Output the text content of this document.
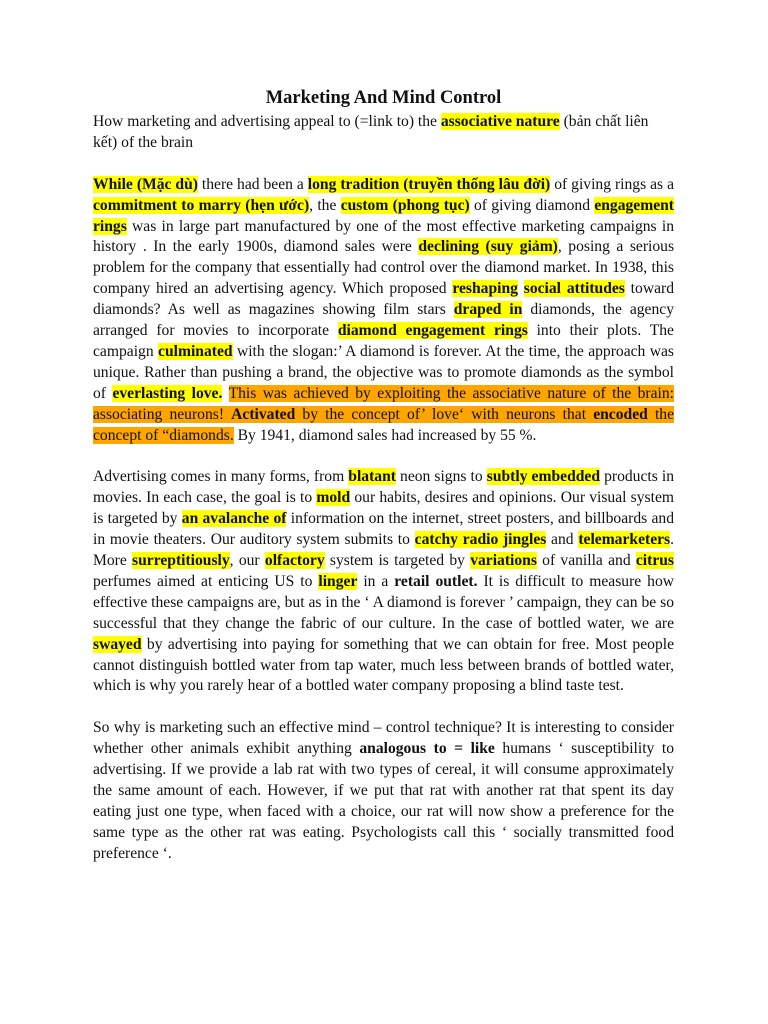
Marketing And Mind Control

How marketing and advertising appeal to (=link to) the associative nature (bản chất liên kết) of the brain

While (Mặc dù) there had been a long tradition (truyền thống lâu đời) of giving rings as a commitment to marry (hẹn ước), the custom (phong tục) of giving diamond engagement rings was in large part manufactured by one of the most effective marketing campaigns in history . In the early 1900s, diamond sales were declining (suy giảm), posing a serious problem for the company that essentially had control over the diamond market. In 1938, this company hired an advertising agency. Which proposed reshaping social attitudes toward diamonds? As well as magazines showing film stars draped in diamonds, the agency arranged for movies to incorporate diamond engagement rings into their plots. The campaign culminated with the slogan:’ A diamond is forever. At the time, the approach was unique. Rather than pushing a brand, the objective was to promote diamonds as the symbol of everlasting love. This was achieved by exploiting the associative nature of the brain: associating neurons! Activated by the concept of’ love‘ with neurons that encoded the concept of “diamonds. By 1941, diamond sales had increased by 55 %.

Advertising comes in many forms, from blatant neon signs to subtly embedded products in movies. In each case, the goal is to mold our habits, desires and opinions. Our visual system is targeted by an avalanche of information on the internet, street posters, and billboards and in movie theaters. Our auditory system submits to catchy radio jingles and telemarketers. More surreptitiously, our olfactory system is targeted by variations of vanilla and citrus perfumes aimed at enticing US to linger in a retail outlet. It is difficult to measure how effective these campaigns are, but as in the ‘ A diamond is forever ’ campaign, they can be so successful that they change the fabric of our culture. In the case of bottled water, we are swayed by advertising into paying for something that we can obtain for free. Most people cannot distinguish bottled water from tap water, much less between brands of bottled water, which is why you rarely hear of a bottled water company proposing a blind taste test.

So why is marketing such an effective mind – control technique? It is interesting to consider whether other animals exhibit anything analogous to = like humans ‘ susceptibility to advertising. If we provide a lab rat with two types of cereal, it will consume approximately the same amount of each. However, if we put that rat with another rat that spent its day eating just one type, when faced with a choice, our rat will now show a preference for the same type as the other rat was eating. Psychologists call this ‘ socially transmitted food preference ‘.
